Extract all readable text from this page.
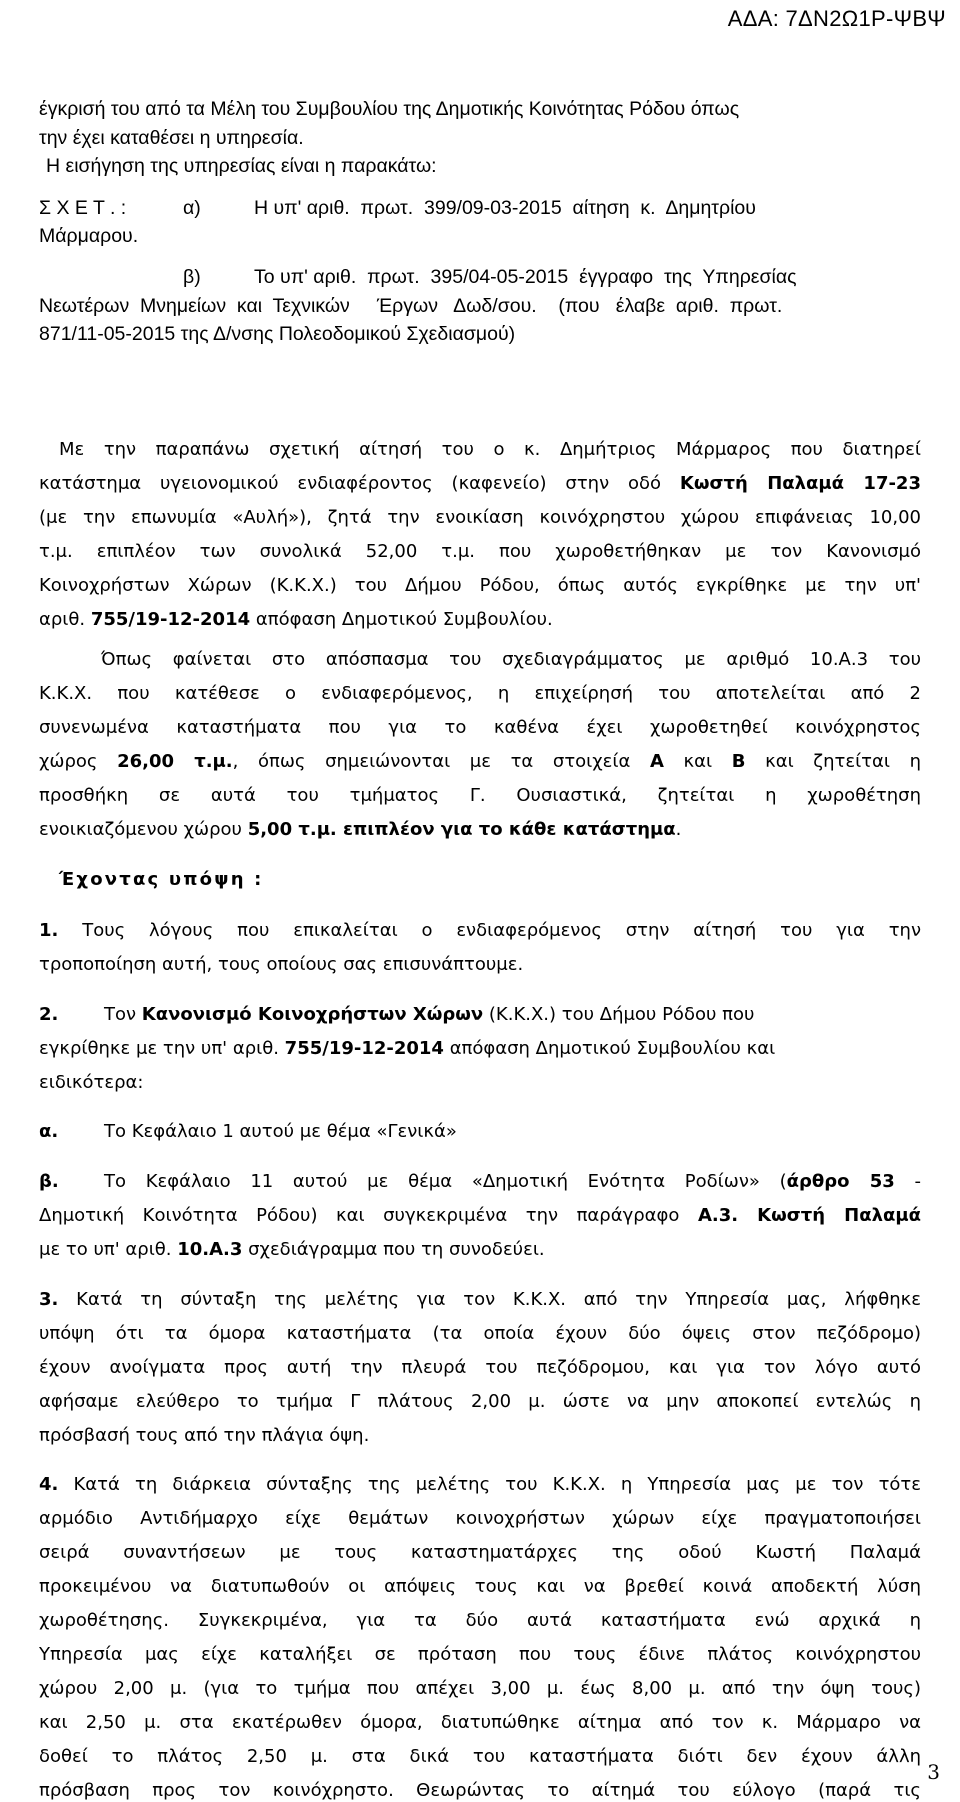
ΑΔΑ: 7ΔΝ2Ω1Ρ-ΨΒΨ
έγκρισή του από τα Μέλη του Συμβουλίου της Δημοτικής Κοινότητας Ρόδου όπως
την έχει καταθέσει η υπηρεσία.
Η εισήγηση της υπηρεσίας είναι η παρακάτω:
Σ Χ Ε Τ . :	α)	Η υπ' αριθ.  πρωτ.  399/09-03-2015  αίτηση  κ.  Δημητρίου
Μάρμαρου.
β)	Το υπ' αριθ.  πρωτ.  395/04-05-2015  έγγραφο  της  Υπηρεσίας
Νεωτέρων  Μνημείων  και  Τεχνικών     Έργων   Δωδ/σου.    (που   έλαβε  αριθ.  πρωτ.
871/11-05-2015 της Δ/νσης Πολεοδομικού Σχεδιασμού)
Με την παραπάνω σχετική αίτησή του ο κ. Δημήτριος Μάρμαρος που διατηρεί
κατάστημα υγειονομικού ενδιαφέροντος (καφενείο) στην οδό Κωστή Παλαμά 17-23
(με την επωνυμία «Αυλή»), ζητά την ενοικίαση κοινόχρηστου χώρου επιφάνειας 10,00
τ.μ. επιπλέον των συνολικά 52,00 τ.μ. που χωροθετήθηκαν με τον Κανονισμό
Κοινοχρήστων Χώρων (Κ.Κ.Χ.) του Δήμου Ρόδου, όπως αυτός εγκρίθηκε με την υπ'
αριθ. 755/19-12-2014 απόφαση Δημοτικού Συμβουλίου.
Όπως φαίνεται στο απόσπασμα του σχεδιαγράμματος με αριθμό 10.Α.3 του
Κ.Κ.Χ. που κατέθεσε ο ενδιαφερόμενος, η επιχείρησή του αποτελείται από 2
συνενωμένα καταστήματα που για το καθένα έχει χωροθετηθεί κοινόχρηστος
χώρος 26,00 τ.μ., όπως σημειώνονται με τα στοιχεία Α και Β και ζητείται η
προσθήκη σε αυτά του τμήματος Γ. Ουσιαστικά, ζητείται η χωροθέτηση
ενοικιαζόμενου χώρου 5,00 τ.μ. επιπλέον για το κάθε κατάστημα.
Έχοντας υπόψη :
1. Τους λόγους που επικαλείται ο ενδιαφερόμενος στην αίτησή του για την
τροποποίηση αυτή, τους οποίους σας επισυνάπτουμε.
2.	Τον Κανονισμό Κοινοχρήστων Χώρων (Κ.Κ.Χ.) του Δήμου Ρόδου που
εγκρίθηκε με την υπ' αριθ. 755/19-12-2014 απόφαση Δημοτικού Συμβουλίου και
ειδικότερα:
α.	Το Κεφάλαιο 1 αυτού με θέμα «Γενικά»
β.	Το Κεφάλαιο 11 αυτού με θέμα «Δημοτική Ενότητα Ροδίων» (άρθρο 53 -
Δημοτική Κοινότητα Ρόδου) και συγκεκριμένα την παράγραφο Α.3. Κωστή Παλαμά
με το υπ' αριθ. 10.Α.3 σχεδιάγραμμα που τη συνοδεύει.
3. Κατά τη σύνταξη της μελέτης για τον Κ.Κ.Χ. από την Υπηρεσία μας, λήφθηκε
υπόψη ότι τα όμορα καταστήματα (τα οποία έχουν δύο όψεις στον πεζόδρομο)
έχουν ανοίγματα προς αυτή την πλευρά του πεζόδρομου, και για τον λόγο αυτό
αφήσαμε ελεύθερο το τμήμα Γ πλάτους 2,00 μ. ώστε να μην αποκοπεί εντελώς η
πρόσβασή τους από την πλάγια όψη.
4. Κατά τη διάρκεια σύνταξης της μελέτης του Κ.Κ.Χ. η Υπηρεσία μας με τον τότε
αρμόδιο Αντιδήμαρχο είχε θεμάτων κοινοχρήστων χώρων είχε πραγματοποιήσει
σειρά συναντήσεων με τους καταστηματάρχες της οδού Κωστή Παλαμά
προκειμένου να διατυπωθούν οι απόψεις τους και να βρεθεί κοινά αποδεκτή λύση
χωροθέτησης. Συγκεκριμένα, για τα δύο αυτά καταστήματα ενώ αρχικά η
Υπηρεσία μας είχε καταλήξει σε πρόταση που τους έδινε πλάτος κοινόχρηστου
χώρου 2,00 μ. (για το τμήμα που απέχει 3,00 μ. έως 8,00 μ. από την όψη τους)
και 2,50 μ. στα εκατέρωθεν όμορα, διατυπώθηκε αίτημα από τον κ. Μάρμαρο να
δοθεί το πλάτος 2,50 μ. στα δικά του καταστήματα διότι δεν έχουν άλλη
πρόσβαση προς τον κοινόχρηστο. Θεωρώντας το αίτημά του εύλογο (παρά τις
3
